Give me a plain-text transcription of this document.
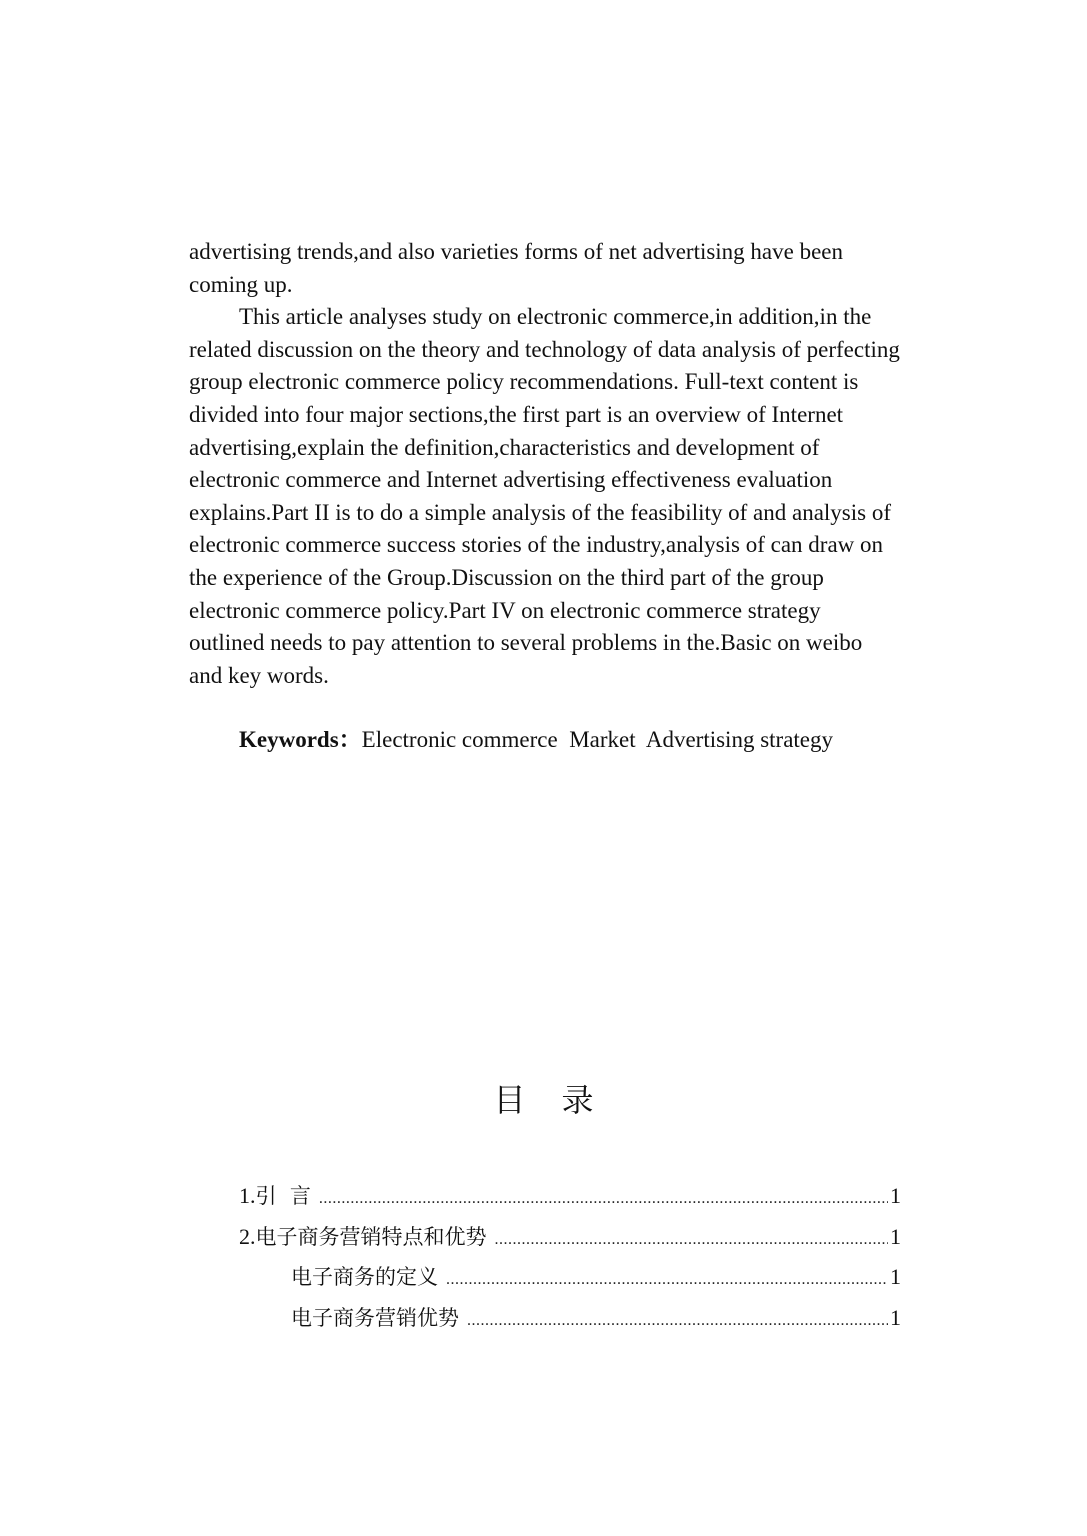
advertising trends,and also varieties forms of net advertising have been coming up.

This article analyses study on electronic commerce,in addition,in the related discussion on the theory and technology of data analysis of perfecting group electronic commerce policy recommendations. Full-text content is divided into four major sections,the first part is an overview of Internet advertising,explain the definition,characteristics and development of electronic commerce and Internet advertising effectiveness evaluation explains.Part II is to do a simple analysis of the feasibility of and analysis of electronic commerce success stories of the industry,analysis of can draw on the experience of the Group.Discussion on the third part of the group electronic commerce policy.Part IV on electronic commerce strategy outlined needs to pay attention to several problems in the.Basic on weibo and key words.

Keywords：Electronic commerce  Market  Advertising strategy
目 录
1.引  言 .....	1
2.电子商务营销特点和优势 .....	1
电子商务的定义 .....	1
电子商务营销优势 .....	1
